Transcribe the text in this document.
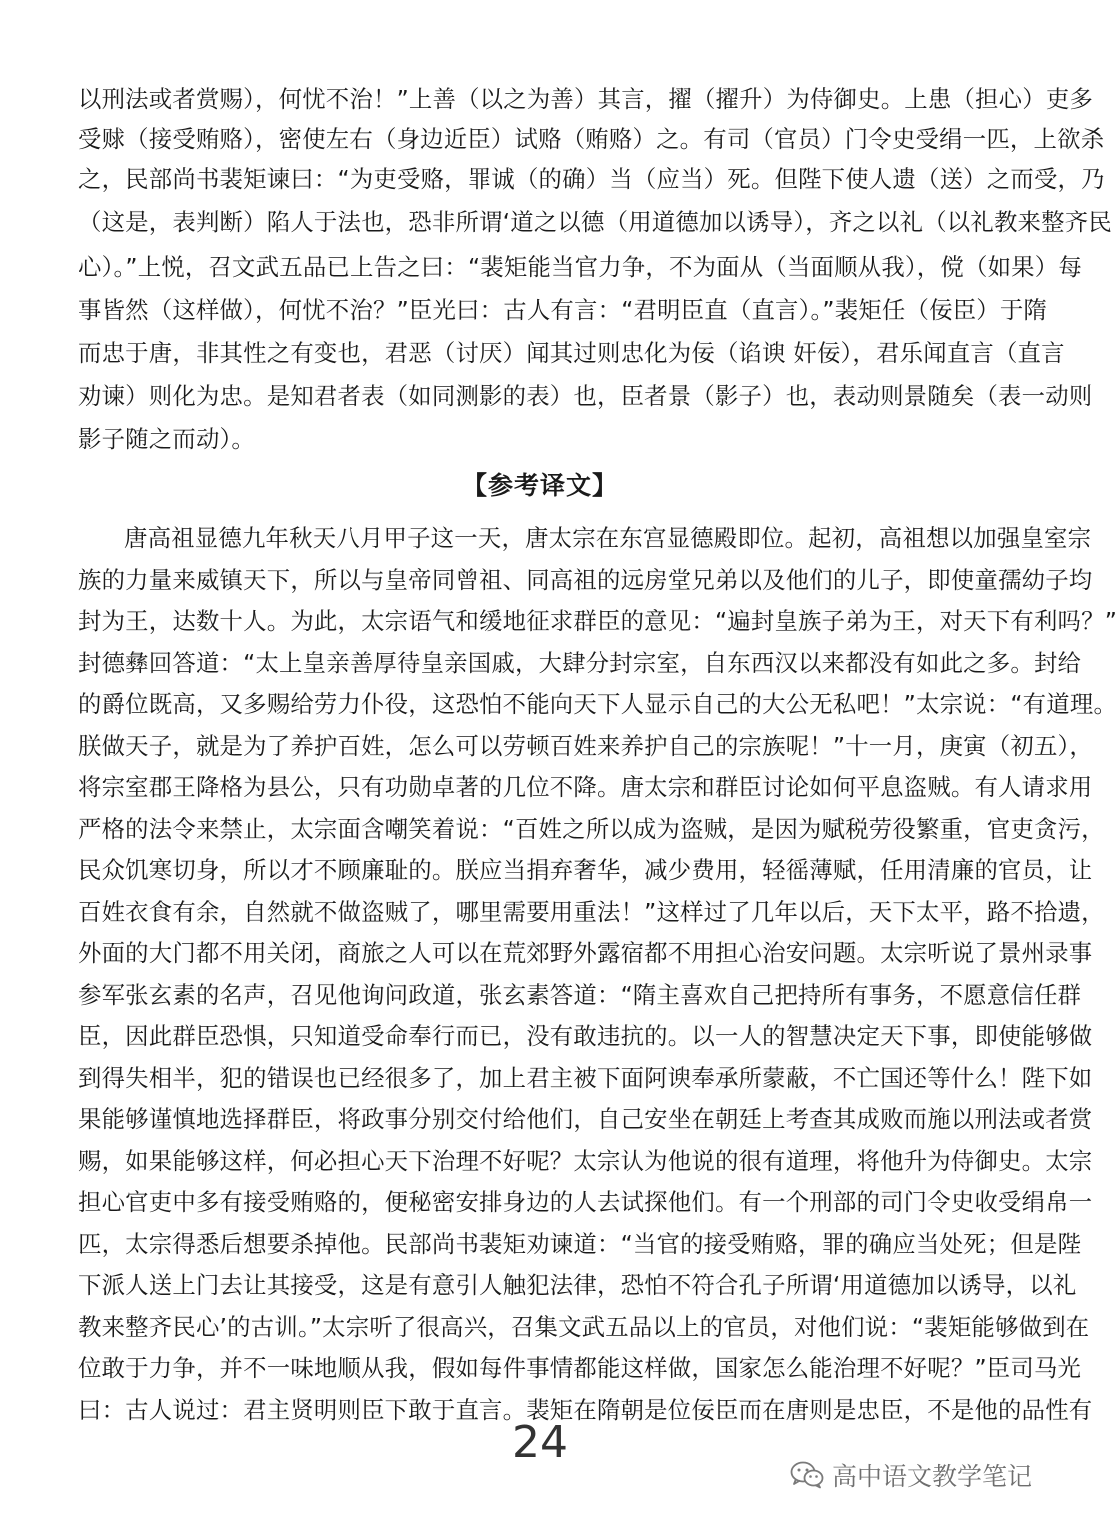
以刑法或者赏赐），何忧不治！”上善（以之为善）其言，擢（擢升）为侍御史。上患（担心）吏多
受赇（接受贿赂），密使左右（身边近臣）试赂（贿赂）之。有司（官员）门令史受绢一匹，上欲杀
之，民部尚书裴矩谏曰：“为吏受赂，罪诚（的确）当（应当）死。但陛下使人遗（送）之而受，乃
（这是，表判断）陷人于法也，恐非所谓‘道之以德（用道德加以诱导），齐之以礼（以礼教来整齐民
心）。”上悦，召文武五品已上告之曰：“裴矩能当官力争，不为面从（当面顺从我），傥（如果）每
事皆然（这样做），何忧不治？”臣光曰：古人有言：“君明臣直（直言）。”裴矩任（佞臣）于隋
而忠于唐，非其性之有变也，君恶（讨厌）闻其过则忠化为佞（谄谀 奸佞），君乐闻直言（直言
劝谏）则化为忠。是知君者表（如同测影的表）也，臣者景（影子）也，表动则景随矣（表一动则
影子随之而动）。
【参考译文】
唐高祖显德九年秋天八月甲子这一天，唐太宗在东宫显德殿即位。起初，高祖想以加强皇室宗
族的力量来威镇天下，所以与皇帝同曾祖、同高祖的远房堂兄弟以及他们的儿子，即使童孺幼子均
封为王，达数十人。为此，太宗语气和缓地征求群臣的意见：“遍封皇族子弟为王，对天下有利吗？”
封德彝回答道：“太上皇亲善厚待皇亲国戚，大肆分封宗室，自东西汉以来都没有如此之多。封给
的爵位既高，又多赐给劳力仆役，这恐怕不能向天下人显示自己的大公无私吧！”太宗说：“有道理。
朕做天子，就是为了养护百姓，怎么可以劳顿百姓来养护自己的宗族呢！”十一月，庚寅（初五），
将宗室郡王降格为县公，只有功勋卓著的几位不降。唐太宗和群臣讨论如何平息盗贼。有人请求用
严格的法令来禁止，太宗面含嘲笑着说：“百姓之所以成为盗贼，是因为赋税劳役繁重，官吏贪污，
民众饥寒切身，所以才不顾廉耻的。朕应当捐弃奢华，减少费用，轻徭薄赋，任用清廉的官员，让
百姓衣食有余，自然就不做盗贼了，哪里需要用重法！”这样过了几年以后，天下太平，路不拾遗，
外面的大门都不用关闭，商旅之人可以在荒郊野外露宿都不用担心治安问题。太宗听说了景州录事
参军张玄素的名声，召见他询问政道，张玄素答道：“隋主喜欢自己把持所有事务，不愿意信任群
臣，因此群臣恐惧，只知道受命奉行而已，没有敢违抗的。以一人的智慧决定天下事，即使能够做
到得失相半，犯的错误也已经很多了，加上君主被下面阿谀奉承所蒙蔽，不亡国还等什么！陛下如
果能够谨慎地选择群臣，将政事分别交付给他们，自己安坐在朝廷上考查其成败而施以刑法或者赏
赐，如果能够这样，何必担心天下治理不好呢？太宗认为他说的很有道理，将他升为侍御史。太宗
担心官吏中多有接受贿赂的，便秘密安排身边的人去试探他们。有一个刑部的司门令史收受绢帛一
匹，太宗得悉后想要杀掉他。民部尚书裴矩劝谏道：“当官的接受贿赂，罪的确应当处死；但是陛
下派人送上门去让其接受，这是有意引人触犯法律，恐怕不符合孔子所谓‘用道德加以诱导，以礼
教来整齐民心’的古训。”太宗听了很高兴，召集文武五品以上的官员，对他们说：“裴矩能够做到在
位敢于力争，并不一味地顺从我，假如每件事情都能这样做，国家怎么能治理不好呢？”臣司马光
曰：古人说过：君主贤明则臣下敢于直言。裴矩在隋朝是位佞臣而在唐则是忠臣，不是他的品性有
24
高中语文教学笔记
